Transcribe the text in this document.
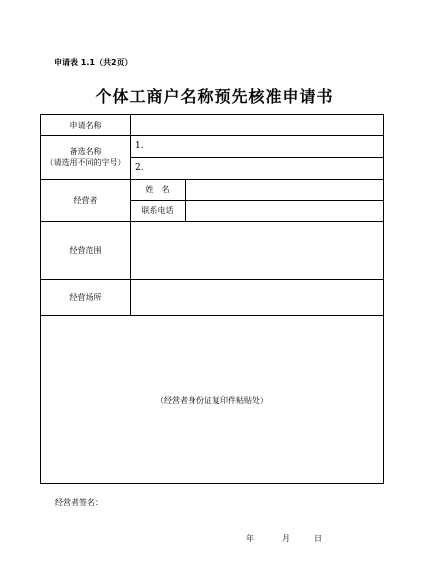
申请表 1.1（共2页）
个体工商户名称预先核准申请书
申请名称
备选名称
（请选用不同的字号）
1.
2.
经营者
姓　名
联系电话
经营范围
经营场所
（经营者身份证复印件粘贴处）
经营者签名：
年	月	日
